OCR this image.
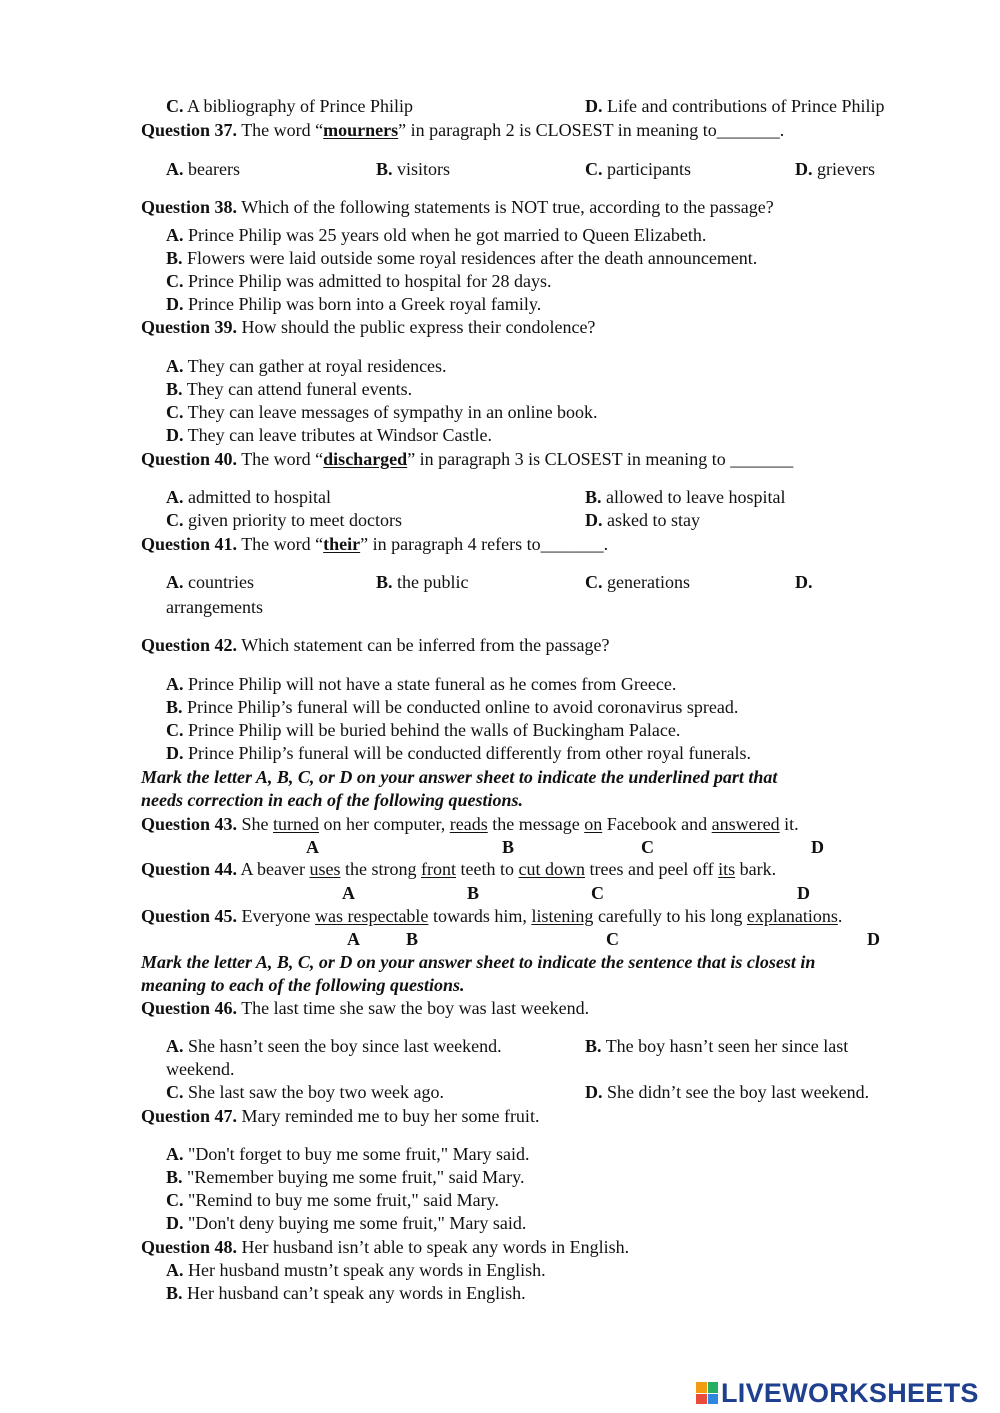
C. A bibliography of Prince Philip	D. Life and contributions of Prince Philip
Question 37. The word “mourners” in paragraph 2 is CLOSEST in meaning to_______.
A. bearers	B. visitors	C. participants	D. grievers
Question 38. Which of the following statements is NOT true, according to the passage?
A. Prince Philip was 25 years old when he got married to Queen Elizabeth.
B. Flowers were laid outside some royal residences after the death announcement.
C. Prince Philip was admitted to hospital for 28 days.
D. Prince Philip was born into a Greek royal family.
Question 39. How should the public express their condolence?
A. They can gather at royal residences.
B. They can attend funeral events.
C. They can leave messages of sympathy in an online book.
D. They can leave tributes at Windsor Castle.
Question 40. The word “discharged” in paragraph 3 is CLOSEST in meaning to _______
A. admitted to hospital	B. allowed to leave hospital
C. given priority to meet doctors	D. asked to stay
Question 41. The word “their” in paragraph 4 refers to_______.
A. countries	B. the public	C. generations	D.
arrangements
Question 42. Which statement can be inferred from the passage?
A. Prince Philip will not have a state funeral as he comes from Greece.
B. Prince Philip’s funeral will be conducted online to avoid coronavirus spread.
C. Prince Philip will be buried behind the walls of Buckingham Palace.
D. Prince Philip’s funeral will be conducted differently from other royal funerals.
Mark the letter A, B, C, or D on your answer sheet to indicate the underlined part that
needs correction in each of the following questions.
Question 43. She turned on her computer, reads the message on Facebook and answered it.
A	B	C	D
Question 44. A beaver uses the strong front teeth to cut down trees and peel off its bark.
A	B	C	D
Question 45. Everyone was respectable towards him, listening carefully to his long explanations.
A	B	C	D
Mark the letter A, B, C, or D on your answer sheet to indicate the sentence that is closest in
meaning to each of the following questions.
Question 46. The last time she saw the boy was last weekend.
A. She hasn’t seen the boy since last weekend.	B. The boy hasn’t seen her since last
weekend.
C. She last saw the boy two week ago.	D. She didn’t see the boy last weekend.
Question 47. Mary reminded me to buy her some fruit.
A. "Don't forget to buy me some fruit," Mary said.
B. "Remember buying me some fruit," said Mary.
C. "Remind to buy me some fruit," said Mary.
D. "Don't deny buying me some fruit," Mary said.
Question 48. Her husband isn’t able to speak any words in English.
A. Her husband mustn’t speak any words in English.
B. Her husband can’t speak any words in English.
LIVEWORKSHEETS
